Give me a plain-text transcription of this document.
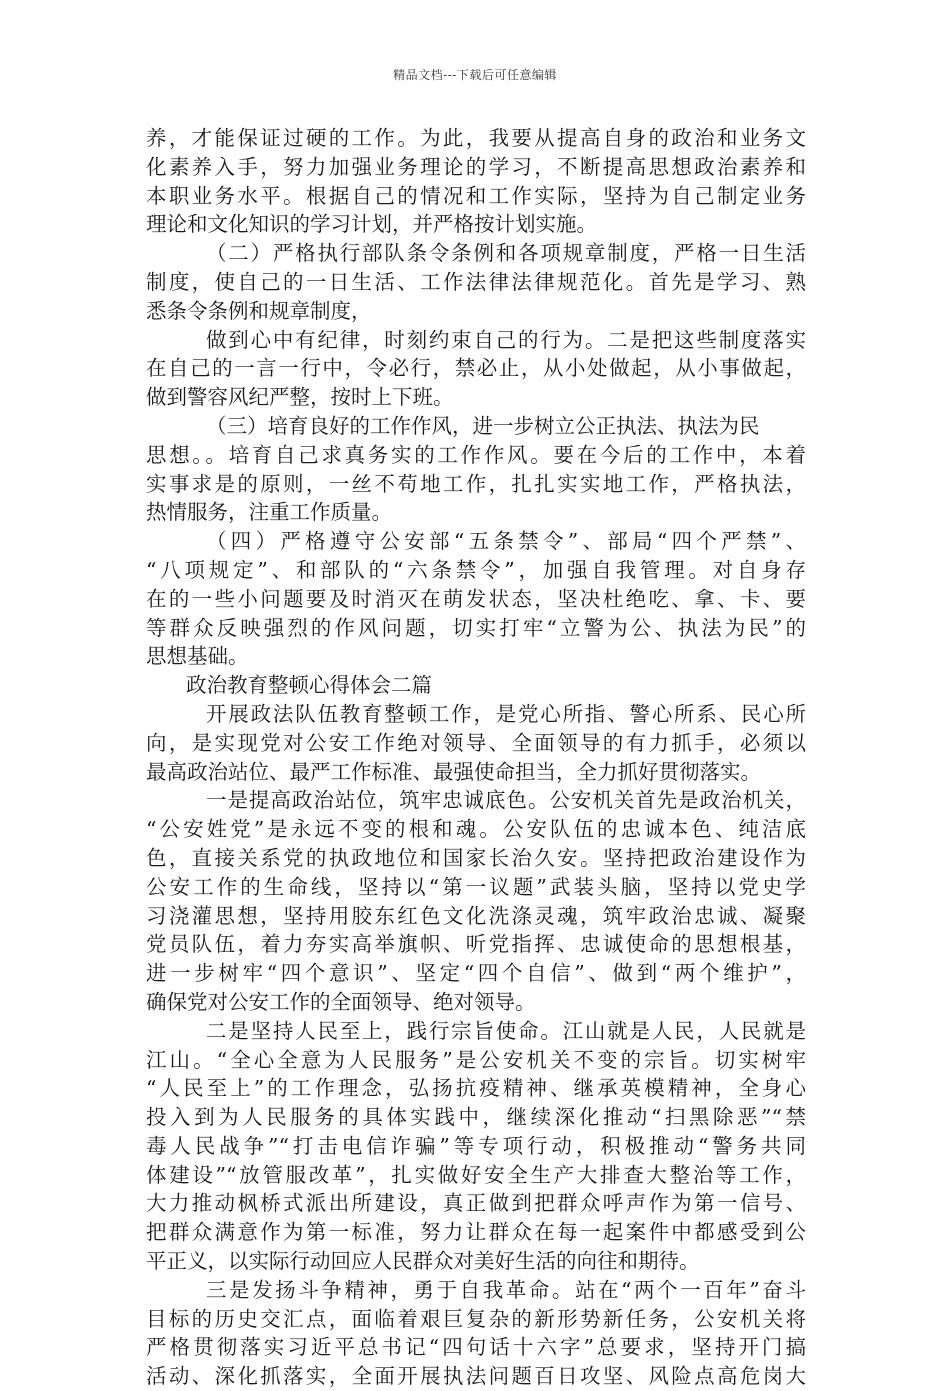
精品文档---下载后可任意编辑
养，才能保证过硬的工作。为此，我要从提高自身的政治和业务文
化素养入手，努力加强业务理论的学习，不断提高思想政治素养和
本职业务水平。根据自己的情况和工作实际，坚持为自己制定业务
理论和文化知识的学习计划，并严格按计划实施。
（二）严格执行部队条令条例和各项规章制度，严格一日生活
制度，使自己的一日生活、工作法律法律规范化。首先是学习、熟
悉条令条例和规章制度，
做到心中有纪律，时刻约束自己的行为。二是把这些制度落实
在自己的一言一行中，令必行，禁必止，从小处做起，从小事做起，
做到警容风纪严整，按时上下班。
（三）培育良好的工作作风，进一步树立公正执法、执法为民
思想。。培育自己求真务实的工作作风。要在今后的工作中，本着
实事求是的原则，一丝不苟地工作，扎扎实实地工作，严格执法，
热情服务，注重工作质量。
（四）严格遵守公安部“五条禁令”、部局“四个严禁”、
“八项规定”、和部队的“六条禁令”，加强自我管理。对自身存
在的一些小问题要及时消灭在萌发状态，坚决杜绝吃、拿、卡、要
等群众反映强烈的作风问题，切实打牢“立警为公、执法为民”的
思想基础。
政治教育整顿心得体会二篇
开展政法队伍教育整顿工作，是党心所指、警心所系、民心所
向，是实现党对公安工作绝对领导、全面领导的有力抓手，必须以
最高政治站位、最严工作标准、最强使命担当，全力抓好贯彻落实。
一是提高政治站位，筑牢忠诚底色。公安机关首先是政治机关，
“公安姓党”是永远不变的根和魂。公安队伍的忠诚本色、纯洁底
色，直接关系党的执政地位和国家长治久安。坚持把政治建设作为
公安工作的生命线，坚持以“第一议题”武装头脑，坚持以党史学
习浇灌思想，坚持用胶东红色文化洗涤灵魂，筑牢政治忠诚、凝聚
党员队伍，着力夯实高举旗帜、听党指挥、忠诚使命的思想根基，
进一步树牢“四个意识”、坚定“四个自信”、做到“两个维护”，
确保党对公安工作的全面领导、绝对领导。
二是坚持人民至上，践行宗旨使命。江山就是人民，人民就是
江山。“全心全意为人民服务”是公安机关不变的宗旨。切实树牢
“人民至上”的工作理念，弘扬抗疫精神、继承英模精神，全身心
投入到为人民服务的具体实践中，继续深化推动“扫黑除恶”“禁
毒人民战争”“打击电信诈骗”等专项行动，积极推动“警务共同
体建设”“放管服改革”，扎实做好安全生产大排查大整治等工作，
大力推动枫桥式派出所建设，真正做到把群众呼声作为第一信号、
把群众满意作为第一标准，努力让群众在每一起案件中都感受到公
平正义，以实际行动回应人民群众对美好生活的向往和期待。
三是发扬斗争精神，勇于自我革命。站在“两个一百年”奋斗
目标的历史交汇点，面临着艰巨复杂的新形势新任务，公安机关将
严格贯彻落实习近平总书记“四句话十六字”总要求，坚持开门搞
活动、深化抓落实，全面开展执法问题百日攻坚、风险点高危岗大
